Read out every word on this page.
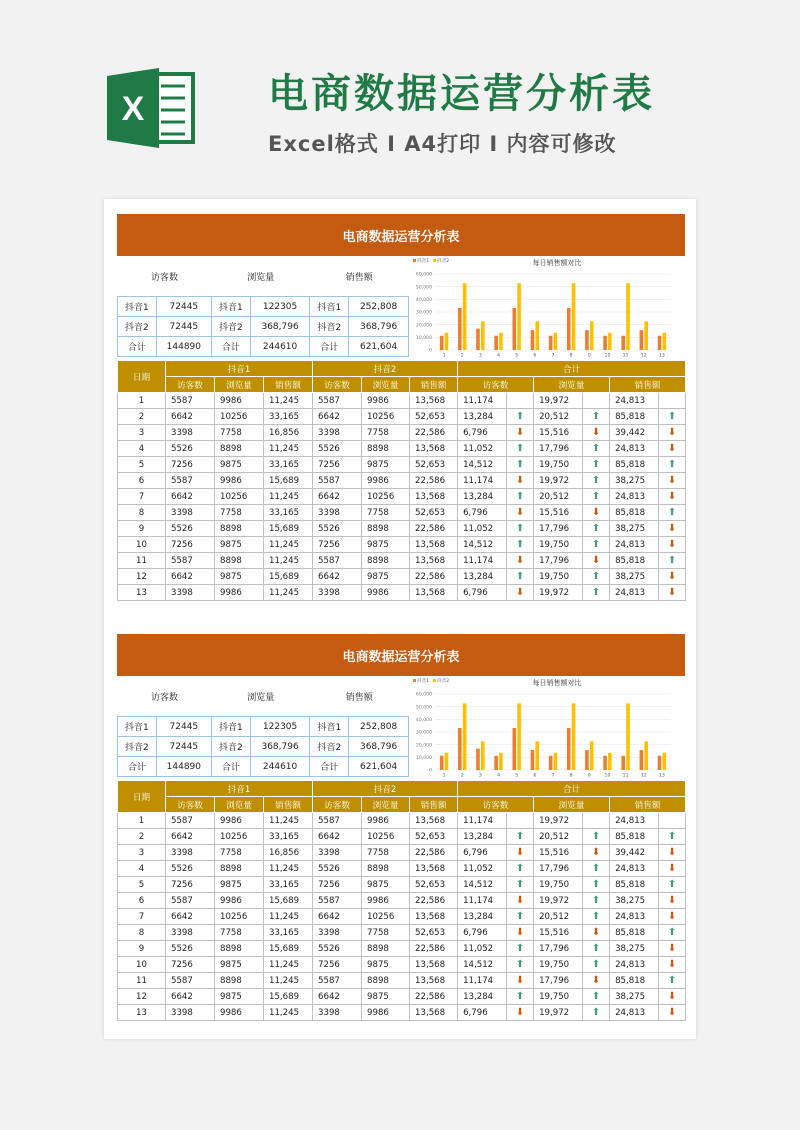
X	电商数据运营分析表
Excel格式 I A4打印 I 内容可修改
电商数据运营分析表
访客数		浏览量		销售额	
抖音1	72445	抖音1	122305	抖音1	252,808
抖音2	72445	抖音2	368,796	抖音2	368,796
合计	144890	合计	244610	合计	621,604	0
10,000
20,000
30,000
40,000
50,000
60,000
每日销售额对比
抖音1 抖音2
1	2	3	4	5	6	7	8	9	10	11	12	13
日期	抖音1			抖音2			合计					
	访客数	浏览量	销售额	访客数	浏览量	销售额	访客数		浏览量		销售额	
1	5587	9986	11,245	5587	9986	13,568	11,174		19,972		24,813	
2	6642	10256	33,165	6642	10256	52,653	13,284	⬆	20,512	⬆	85,818	⬆
3	3398	7758	16,856	3398	7758	22,586	6,796	⬇	15,516	⬇	39,442	⬇
4	5526	8898	11,245	5526	8898	13,568	11,052	⬆	17,796	⬆	24,813	⬇
5	7256	9875	33,165	7256	9875	52,653	14,512	⬆	19,750	⬆	85,818	⬆
6	5587	9986	15,689	5587	9986	22,586	11,174	⬇	19,972	⬆	38,275	⬇
7	6642	10256	11,245	6642	10256	13,568	13,284	⬆	20,512	⬆	24,813	⬇
8	3398	7758	33,165	3398	7758	52,653	6,796	⬇	15,516	⬇	85,818	⬆
9	5526	8898	15,689	5526	8898	22,586	11,052	⬆	17,796	⬆	38,275	⬇
10	7256	9875	11,245	7256	9875	13,568	14,512	⬆	19,750	⬆	24,813	⬇
11	5587	8898	11,245	5587	8898	13,568	11,174	⬇	17,796	⬇	85,818	⬆
12	6642	9875	15,689	6642	9875	22,586	13,284	⬆	19,750	⬆	38,275	⬇
13	3398	9986	11,245	3398	9986	13,568	6,796	⬇	19,972	⬆	24,813	⬇
电商数据运营分析表
访客数		浏览量		销售额	
抖音1	72445	抖音1	122305	抖音1	252,808
抖音2	72445	抖音2	368,796	抖音2	368,796
合计	144890	合计	244610	合计	621,604	0
10,000
20,000
30,000
40,000
50,000
60,000
每日销售额对比
抖音1 抖音2
1	2	3	4	5	6	7	8	9	10	11	12	13
日期	抖音1			抖音2			合计					
	访客数	浏览量	销售额	访客数	浏览量	销售额	访客数		浏览量		销售额	
1	5587	9986	11,245	5587	9986	13,568	11,174		19,972		24,813	
2	6642	10256	33,165	6642	10256	52,653	13,284	⬆	20,512	⬆	85,818	⬆
3	3398	7758	16,856	3398	7758	22,586	6,796	⬇	15,516	⬇	39,442	⬇
4	5526	8898	11,245	5526	8898	13,568	11,052	⬆	17,796	⬆	24,813	⬇
5	7256	9875	33,165	7256	9875	52,653	14,512	⬆	19,750	⬆	85,818	⬆
6	5587	9986	15,689	5587	9986	22,586	11,174	⬇	19,972	⬆	38,275	⬇
7	6642	10256	11,245	6642	10256	13,568	13,284	⬆	20,512	⬆	24,813	⬇
8	3398	7758	33,165	3398	7758	52,653	6,796	⬇	15,516	⬇	85,818	⬆
9	5526	8898	15,689	5526	8898	22,586	11,052	⬆	17,796	⬆	38,275	⬇
10	7256	9875	11,245	7256	9875	13,568	14,512	⬆	19,750	⬆	24,813	⬇
11	5587	8898	11,245	5587	8898	13,568	11,174	⬇	17,796	⬇	85,818	⬆
12	6642	9875	15,689	6642	9875	22,586	13,284	⬆	19,750	⬆	38,275	⬇
13	3398	9986	11,245	3398	9986	13,568	6,796	⬇	19,972	⬆	24,813	⬇
